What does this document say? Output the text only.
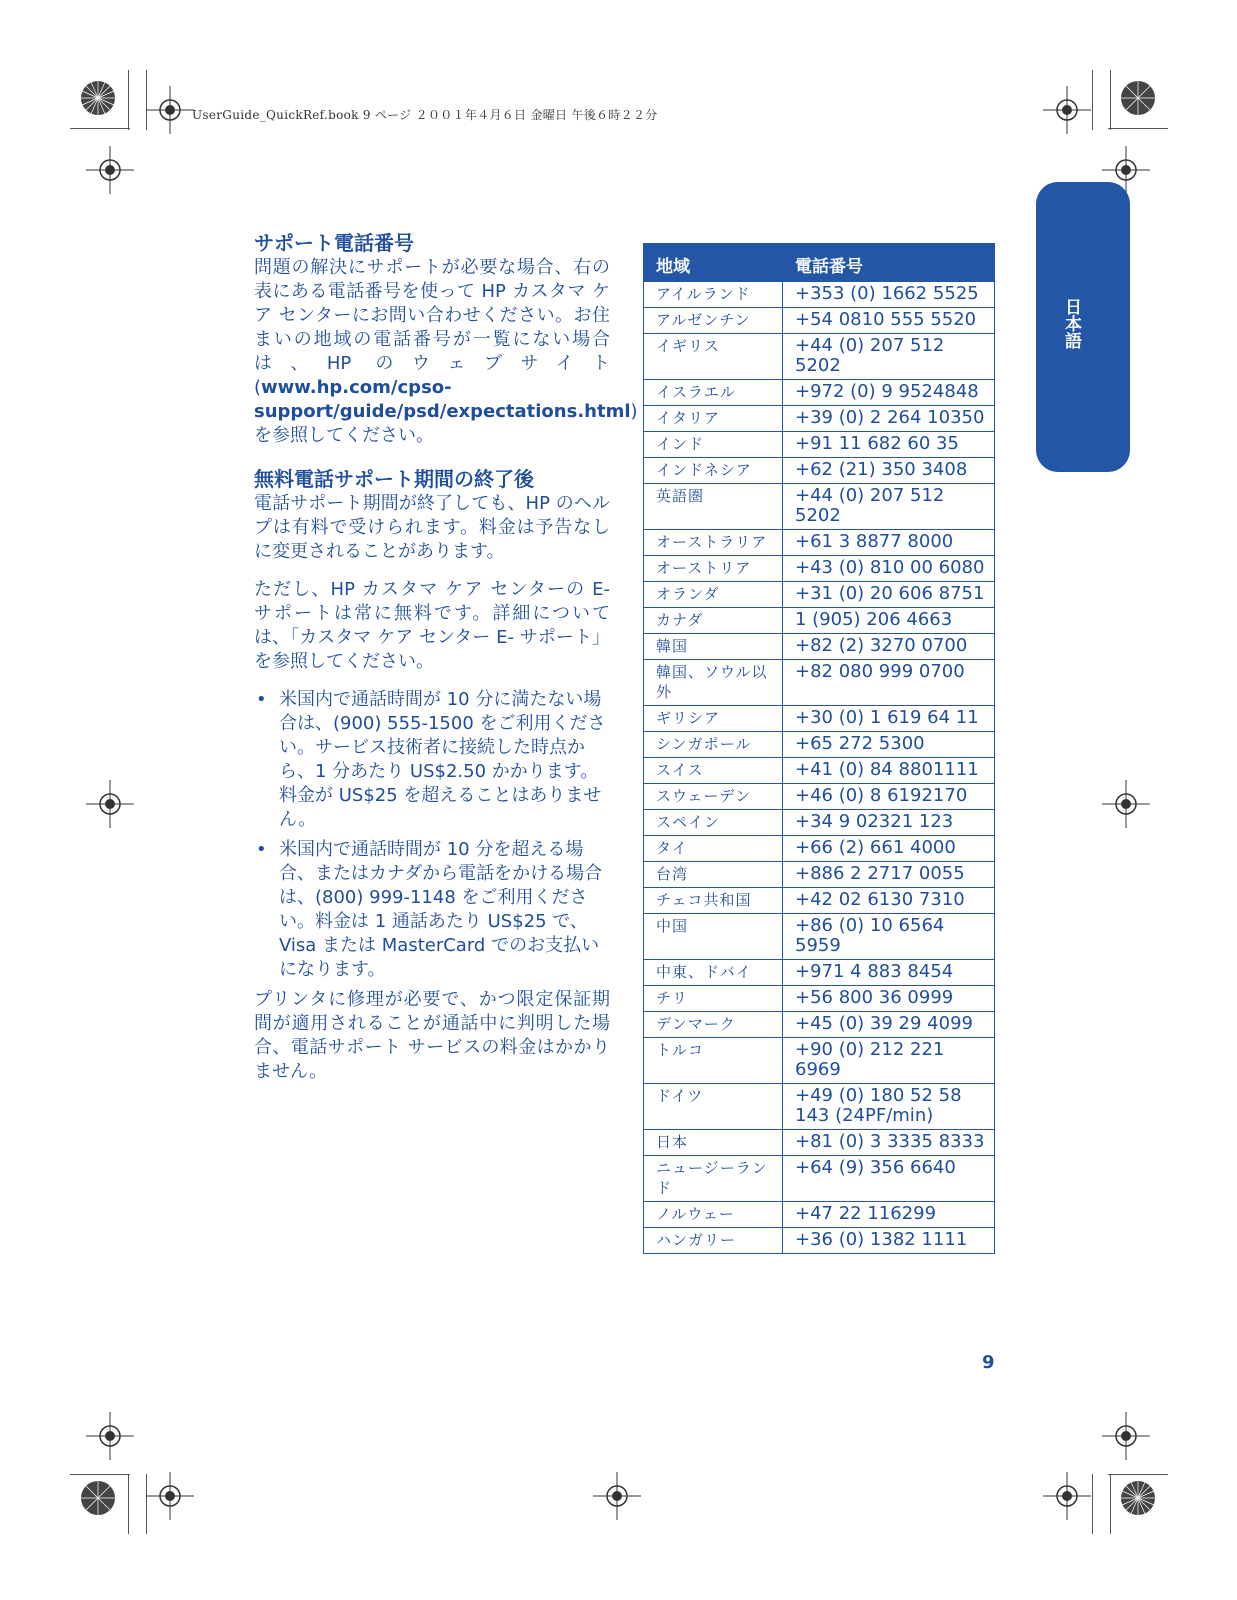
UserGuide_QuickRef.book 9 ページ ２００１年４月６日 金曜日 午後６時２２分
日本語
サポート電話番号

問題の解決にサポートが必要な場合、右の表にある電話番号を使って HP カスタマ ケア センターにお問い合わせください。お住まいの地域の電話番号が一覧にない場合は、HP のウェブサイト (www.hp.com/cpso-support/guide/psd/expectations.html) を参照してください。

無料電話サポート期間の終了後

電話サポート期間が終了しても、HP のヘルプは有料で受けられます。料金は予告なしに変更されることがあります。

ただし、HP カスタマ ケア センターの E- サポートは常に無料です。詳細については、「カスタマ ケア センター E- サポート」を参照してください。

• 米国内で通話時間が 10 分に満たない場合は、(900) 555-1500 をご利用ください。サービス技術者に接続した時点から、1 分あたり US$2.50 かかります。料金が US$25 を超えることはありません。
• 米国内で通話時間が 10 分を超える場合、またはカナダから電話をかける場合は、(800) 999-1148 をご利用ください。料金は 1 通話あたり US$25 で、Visa または MasterCard でのお支払いになります。

プリンタに修理が必要で、かつ限定保証期間が適用されることが通話中に判明した場合、電話サポート サービスの料金はかかりません。

地域	電話番号
アイルランド	+353 (0) 1662 5525
アルゼンチン	+54 0810 555 5520
イギリス	+44 (0) 207 512 5202
イスラエル	+972 (0) 9 9524848
イタリア	+39 (0) 2 264 10350
インド	+91 11 682 60 35
インドネシア	+62 (21) 350 3408
英語圏	+44 (0) 207 512 5202
オーストラリア	+61 3 8877 8000
オーストリア	+43 (0) 810 00 6080
オランダ	+31 (0) 20 606 8751
カナダ	1 (905) 206 4663
韓国	+82 (2) 3270 0700
韓国、ソウル以外	+82 080 999 0700
ギリシア	+30 (0) 1 619 64 11
シンガポール	+65 272 5300
スイス	+41 (0) 84 8801111
スウェーデン	+46 (0) 8 6192170
スペイン	+34 9 02321 123
タイ	+66 (2) 661 4000
台湾	+886 2 2717 0055
チェコ共和国	+42 02 6130 7310
中国	+86 (0) 10 6564 5959
中東、ドバイ	+971 4 883 8454
チリ	+56 800 36 0999
デンマーク	+45 (0) 39 29 4099
トルコ	+90 (0) 212 221 6969
ドイツ	+49 (0) 180 52 58 143 (24PF/min)
日本	+81 (0) 3 3335 8333
ニュージーランド	+64 (9) 356 6640
ノルウェー	+47 22 116299
ハンガリー	+36 (0) 1382 1111
9
